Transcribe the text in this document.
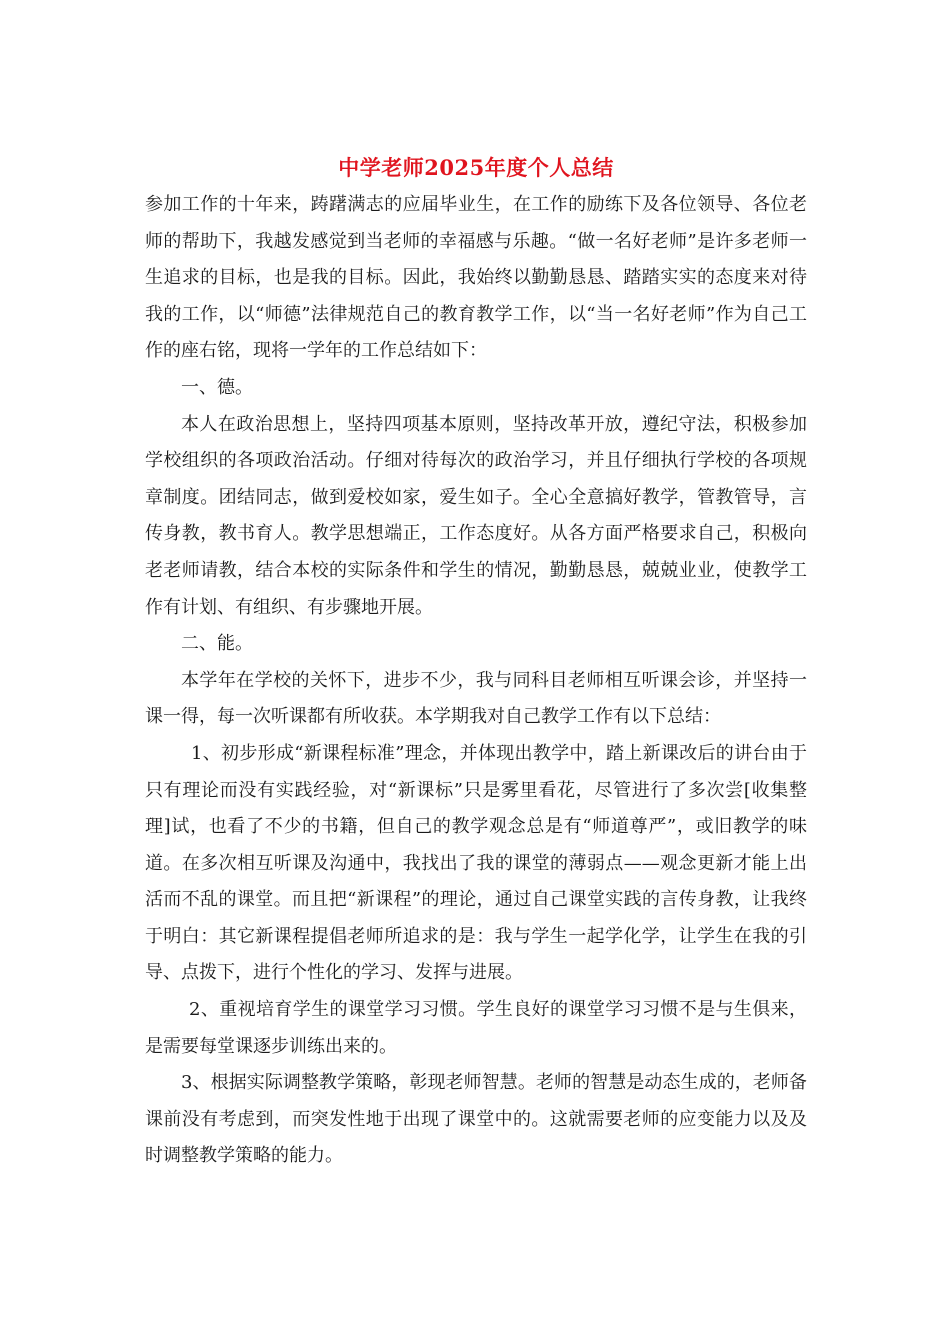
中学老师2025年度个人总结

参加工作的十年来，踌躇满志的应届毕业生，在工作的励练下及各位领导、各位老师的帮助下，我越发感觉到当老师的幸福感与乐趣。“做一名好老师”是许多老师一生追求的目标，也是我的目标。因此，我始终以勤勤恳恳、踏踏实实的态度来对待我的工作，以“师德”法律规范自己的教育教学工作，以“当一名好老师”作为自己工作的座右铭，现将一学年的工作总结如下：

一、德。

本人在政治思想上，坚持四项基本原则，坚持改革开放，遵纪守法，积极参加学校组织的各项政治活动。仔细对待每次的政治学习，并且仔细执行学校的各项规章制度。团结同志，做到爱校如家，爱生如子。全心全意搞好教学，管教管导，言传身教，教书育人。教学思想端正，工作态度好。从各方面严格要求自己，积极向老老师请教，结合本校的实际条件和学生的情况，勤勤恳恳，兢兢业业，使教学工作有计划、有组织、有步骤地开展。

二、能。

本学年在学校的关怀下，进步不少，我与同科目老师相互听课会诊，并坚持一课一得，每一次听课都有所收获。本学期我对自己教学工作有以下总结：

1、初步形成“新课程标准”理念，并体现出教学中，踏上新课改后的讲台由于只有理论而没有实践经验，对“新课标”只是雾里看花，尽管进行了多次尝[收集整理]试，也看了不少的书籍，但自己的教学观念总是有“师道尊严”，或旧教学的味道。在多次相互听课及沟通中，我找出了我的课堂的薄弱点——观念更新才能上出活而不乱的课堂。而且把“新课程”的理论，通过自己课堂实践的言传身教，让我终于明白：其它新课程提倡老师所追求的是：我与学生一起学化学，让学生在我的引导、点拨下，进行个性化的学习、发挥与进展。

2、重视培育学生的课堂学习习惯。学生良好的课堂学习习惯不是与生俱来，是需要每堂课逐步训练出来的。

3、根据实际调整教学策略，彰现老师智慧。老师的智慧是动态生成的，老师备课前没有考虑到，而突发性地于出现了课堂中的。这就需要老师的应变能力以及及时调整教学策略的能力。
